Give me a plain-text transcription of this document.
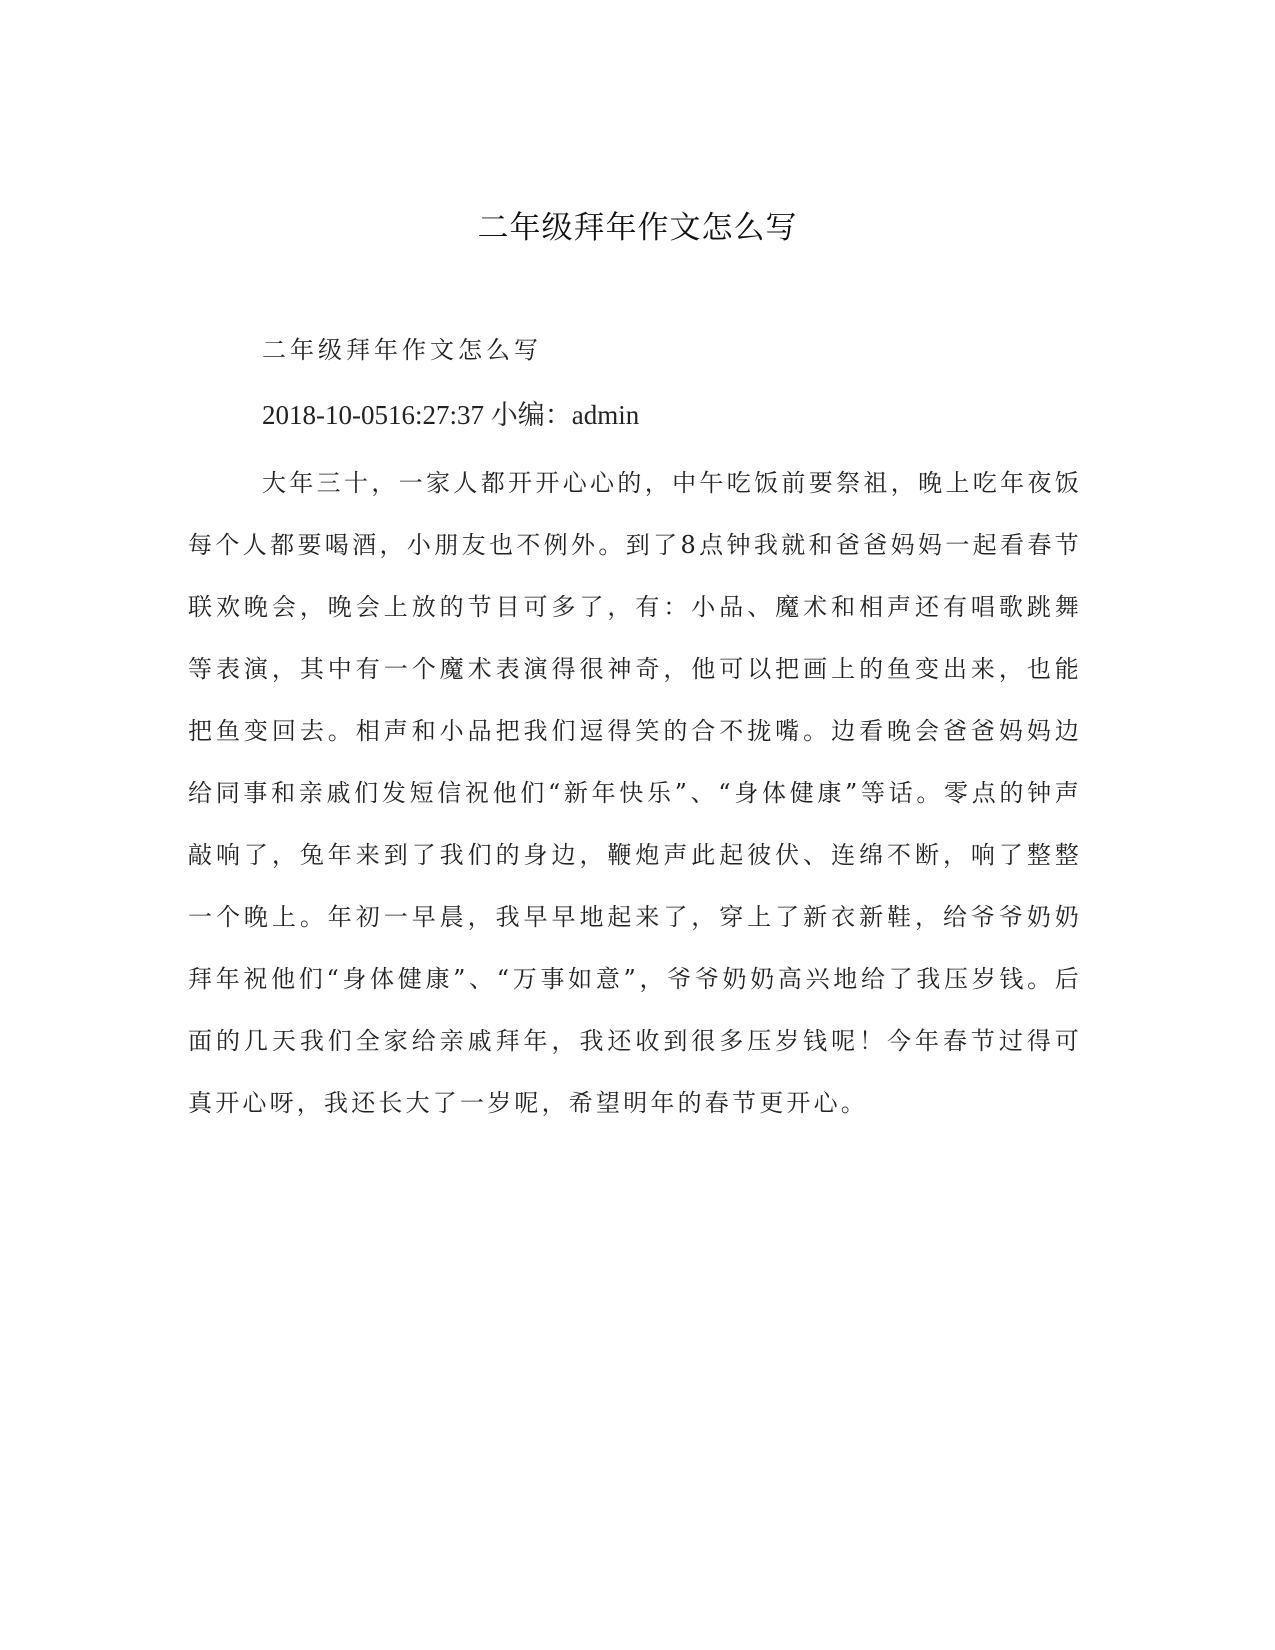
二年级拜年作文怎么写

二年级拜年作文怎么写

2018-10-0516:27:37 小编：admin

大年三十，一家人都开开心心的，中午吃饭前要祭祖，晚上吃年夜饭每个人都要喝酒，小朋友也不例外。到了8点钟我就和爸爸妈妈一起看春节联欢晚会，晚会上放的节目可多了，有：小品、魔术和相声还有唱歌跳舞等表演，其中有一个魔术表演得很神奇，他可以把画上的鱼变出来，也能把鱼变回去。相声和小品把我们逗得笑的合不拢嘴。边看晚会爸爸妈妈边给同事和亲戚们发短信祝他们“新年快乐”、“身体健康”等话。零点的钟声敲响了，兔年来到了我们的身边，鞭炮声此起彼伏、连绵不断，响了整整一个晚上。年初一早晨，我早早地起来了，穿上了新衣新鞋，给爷爷奶奶拜年祝他们“身体健康”、“万事如意”，爷爷奶奶高兴地给了我压岁钱。后面的几天我们全家给亲戚拜年，我还收到很多压岁钱呢！今年春节过得可真开心呀，我还长大了一岁呢，希望明年的春节更开心。
